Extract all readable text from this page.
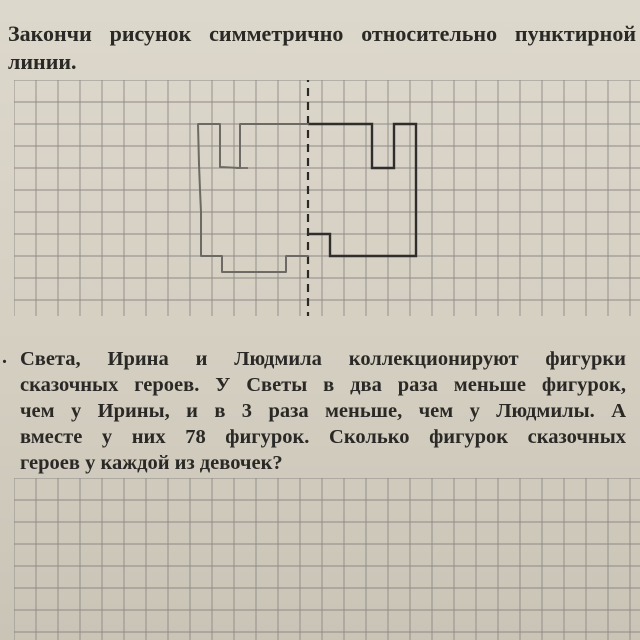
Закончи рисунок симметрично относительно пунктирной линии.
. Света, Ирина и Людмила коллекционируют фигурки
сказочных героев. У Светы в два раза меньше фигурок,
чем у Ирины, и в 3 раза меньше, чем у Людмилы. А
вместе у них 78 фигурок. Сколько фигурок сказочных
героев у каждой из девочек?
